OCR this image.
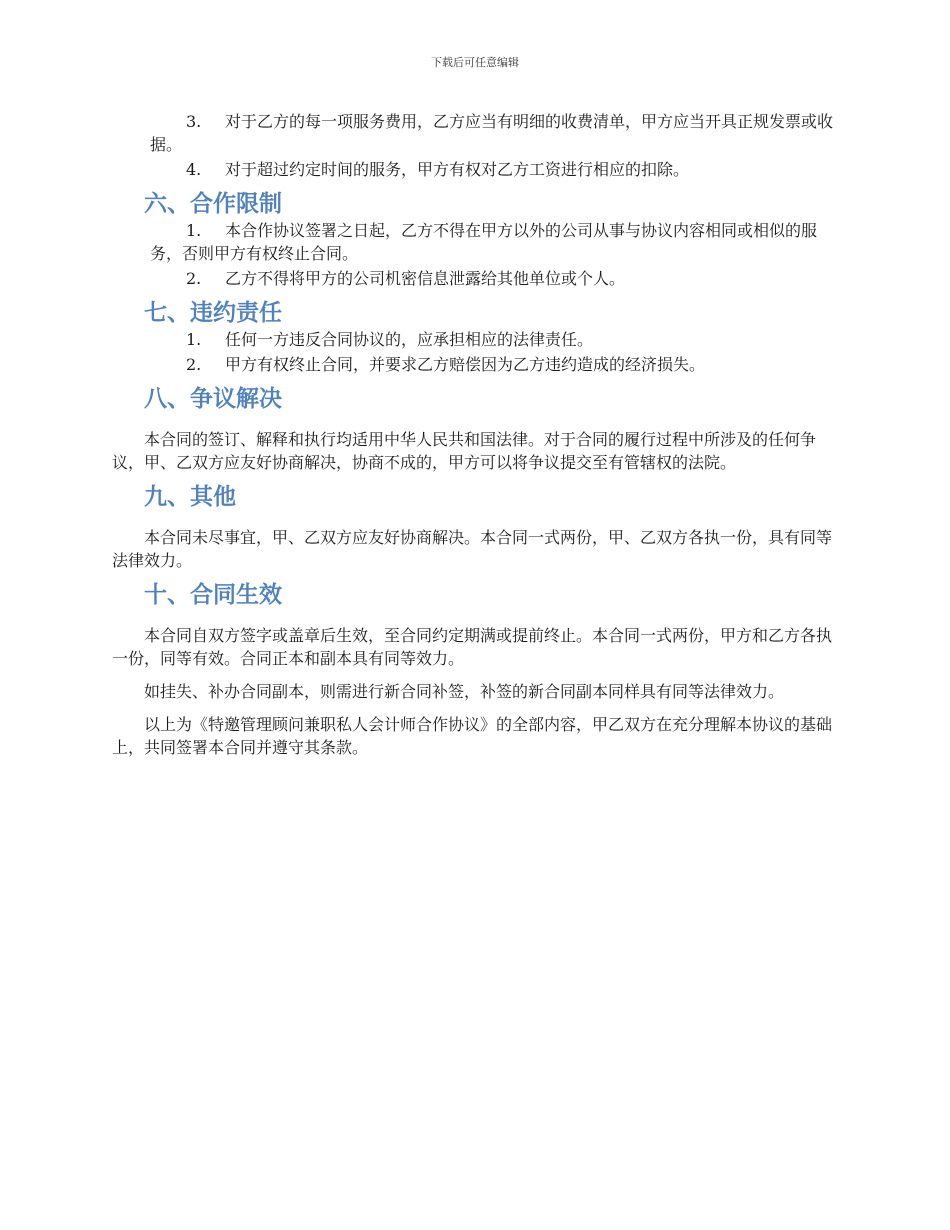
下载后可任意编辑
3. 对于乙方的每一项服务费用，乙方应当有明细的收费清单，甲方应当开具正规发票或收据。
4. 对于超过约定时间的服务，甲方有权对乙方工资进行相应的扣除。
六、合作限制
1. 本合作协议签署之日起，乙方不得在甲方以外的公司从事与协议内容相同或相似的服务，否则甲方有权终止合同。
2. 乙方不得将甲方的公司机密信息泄露给其他单位或个人。
七、违约责任
1. 任何一方违反合同协议的，应承担相应的法律责任。
2. 甲方有权终止合同，并要求乙方赔偿因为乙方违约造成的经济损失。
八、争议解决

本合同的签订、解释和执行均适用中华人民共和国法律。对于合同的履行过程中所涉及的任何争议，甲、乙双方应友好协商解决，协商不成的，甲方可以将争议提交至有管辖权的法院。

九、其他

本合同未尽事宜，甲、乙双方应友好协商解决。本合同一式两份，甲、乙双方各执一份，具有同等法律效力。

十、合同生效

本合同自双方签字或盖章后生效，至合同约定期满或提前终止。本合同一式两份，甲方和乙方各执一份，同等有效。合同正本和副本具有同等效力。

如挂失、补办合同副本，则需进行新合同补签，补签的新合同副本同样具有同等法律效力。

以上为《特邀管理顾问兼职私人会计师合作协议》的全部内容，甲乙双方在充分理解本协议的基础上，共同签署本合同并遵守其条款。
